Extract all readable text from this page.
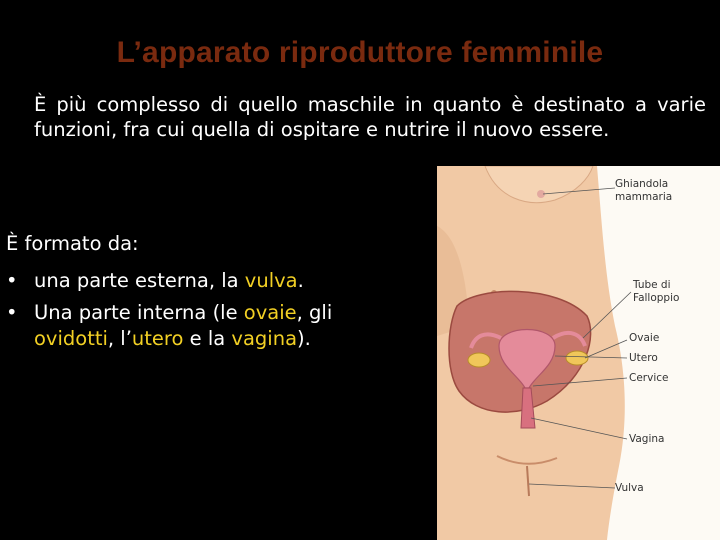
L’apparato riproduttore femminile
È più complesso di quello maschile in quanto è destinato a varie funzioni, fra cui quella di ospitare e nutrire il nuovo essere.
È formato da:
• una parte esterna, la vulva.
• Una parte interna (le ovaie, gli ovidotti, l’utero e la vagina).
Ghiandola
mammaria
Tube di
Falloppio
Ovaie
Utero
Cervice
Vagina
Vulva
